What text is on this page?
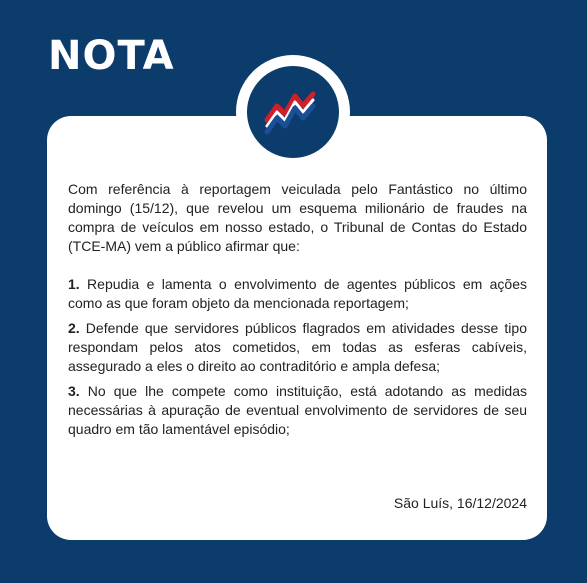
NOTA

Com referência à reportagem veiculada pelo Fantástico no último domingo (15/12), que revelou um esquema milionário de fraudes na compra de veículos em nosso estado, o Tribunal de Contas do Estado (TCE-MA) vem a público afirmar que:

1. Repudia e lamenta o envolvimento de agentes públicos em ações como as que foram objeto da mencionada reportagem;

2. Defende que servidores públicos flagrados em atividades desse tipo respondam pelos atos cometidos, em todas as esferas cabíveis, assegurado a eles o direito ao contraditório e ampla defesa;

3. No que lhe compete como instituição, está adotando as medidas necessárias à apuração de eventual envolvimento de servidores de seu quadro em tão lamentável episódio;

São Luís, 16/12/2024
